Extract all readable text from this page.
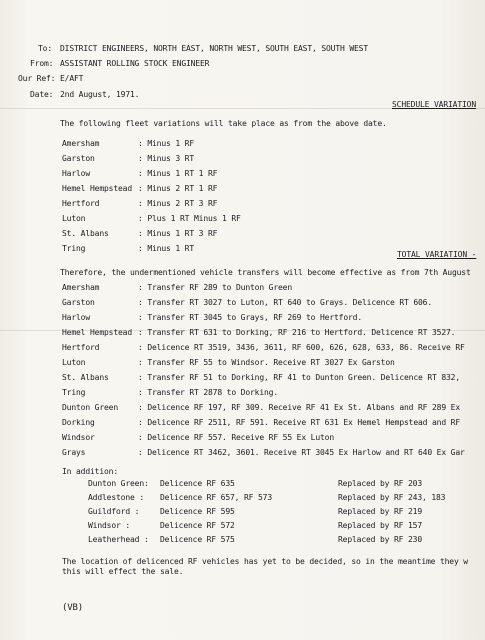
To: DISTRICT ENGINEERS, NORTH EAST, NORTH WEST, SOUTH EAST, SOUTH WEST
From: ASSISTANT ROLLING STOCK ENGINEER
Our Ref: E/AFT
Date: 2nd August, 1971.
SCHEDULE VARIATION
The following fleet variations will take place as from the above date.
Amersham	: Minus 1 RF
Garston	: Minus 3 RT
Harlow	: Minus 1 RT 1 RF
Hemel Hempstead : Minus 2 RT 1 RF
Hertford	: Minus 2 RT 3 RF
Luton	: Plus 1 RT Minus 1 RF
St. Albans	: Minus 1 RT 3 RF
Tring	: Minus 1 RT
TOTAL VARIATION -
Therefore, the undermentioned vehicle transfers will become effective as from 7th August
Amersham	: Transfer RF 289 to Dunton Green
Garston	: Transfer RT 3027 to Luton, RT 640 to Grays. Delicence RT 606.
Harlow	: Transfer RT 3045 to Grays, RF 269 to Hertford.
Hemel Hempstead : Transfer RT 631 to Dorking, RF 216 to Hertford. Delicence RT 3527.
Hertford	: Delicence RT 3519, 3436, 3611, RF 600, 626, 628, 633, 86. Receive RF
Luton	: Transfer RF 55 to Windsor. Receive RT 3027 Ex Garston
St. Albans	: Transfer RF 51 to Dorking, RF 41 to Dunton Green. Delicence RT 832,
Tring	: Transfer RT 2878 to Dorking.
Dunton Green	: Delicence RF 197, RF 309. Receive RF 41 Ex St. Albans and RF 289 Ex
Dorking	: Delicence RF 2511, RF 591. Receive RT 631 Ex Hemel Hempstead and RF
Windsor	: Delicence RF 557. Receive RF 55 Ex Luton
Grays	: Delicence RT 3462, 3601. Receive RT 3045 Ex Harlow and RT 640 Ex Gar
In addition:
Dunton Green: Delicence RF 635	Replaced by RF 203
Addlestone : Delicence RF 657, RF 573	Replaced by RF 243, 183
Guildford :	Delicence RF 595	Replaced by RF 219
Windsor :	Delicence RF 572	Replaced by RF 157
Leatherhead : Delicence RF 575	Replaced by RF 230
The location of delicenced RF vehicles has yet to be decided, so in the meantime they w
this will effect the sale.
(VB)
